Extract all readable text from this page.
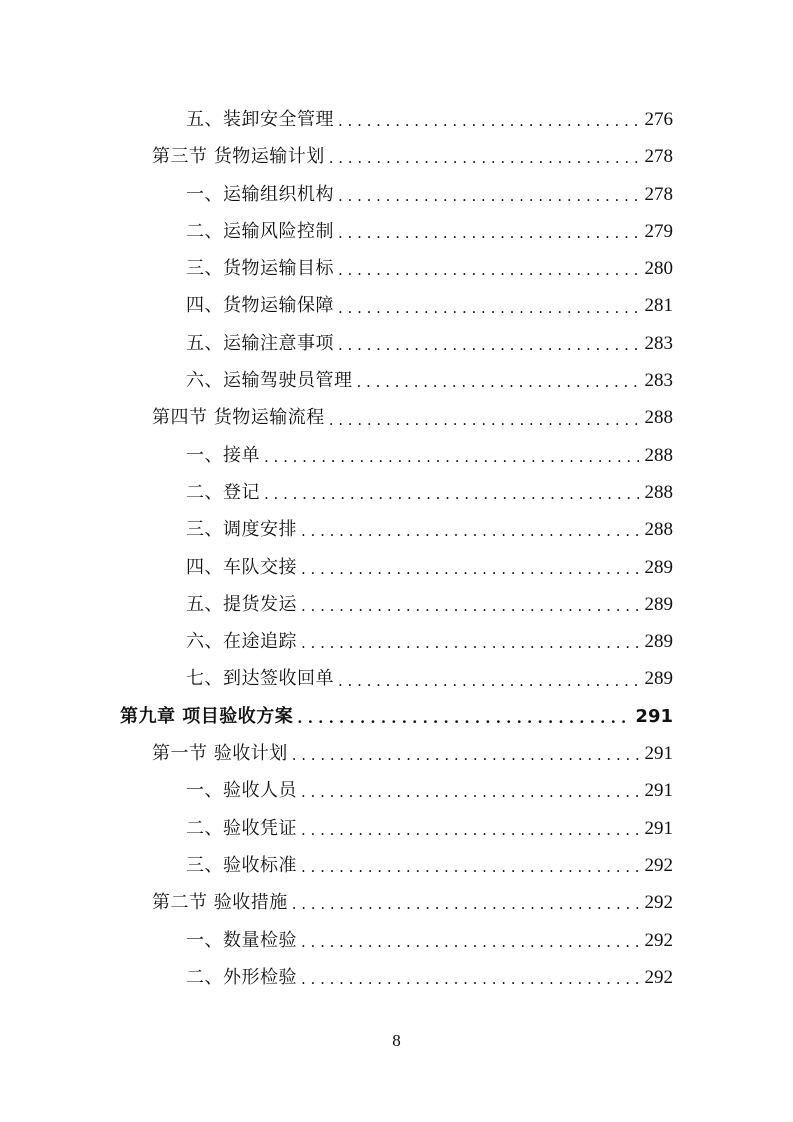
五、装卸安全管理 . . .	276
第三节 货物运输计划 . . .	278
一、运输组织机构 . . .	278
二、运输风险控制 . . .	279
三、货物运输目标 . . .	280
四、货物运输保障 . . .	281
五、运输注意事项 . . .	283
六、运输驾驶员管理 . . .	283
第四节 货物运输流程 . . .	288
一、接单 . . .	288
二、登记 . . .	288
三、调度安排 . . .	288
四、车队交接 . . .	289
五、提货发运 . . .	289
六、在途追踪 . . .	289
七、到达签收回单 . . .	289
第九章 项目验收方案 . . .	291
第一节 验收计划 . . .	291
一、验收人员 . . .	291
二、验收凭证 . . .	291
三、验收标准 . . .	292
第二节 验收措施 . . .	292
一、数量检验 . . .	292
二、外形检验 . . .	292
8
